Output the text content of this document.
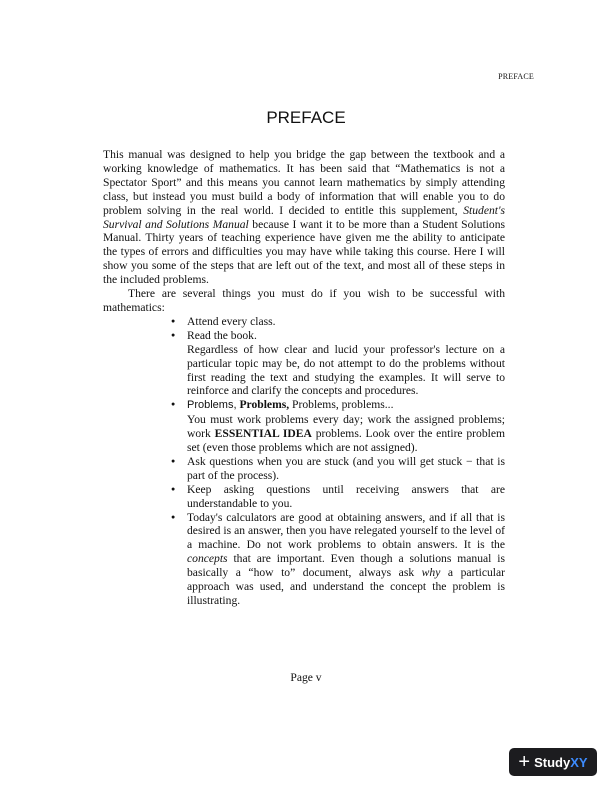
PREFACE
PREFACE

This manual was designed to help you bridge the gap between the textbook and a working knowledge of mathematics. It has been said that “Mathematics is not a Spectator Sport” and this means you cannot learn mathematics by simply attending class, but instead you must build a body of information that will enable you to do problem solving in the real world. I decided to entitle this supplement, Student's Survival and Solutions Manual because I want it to be more than a Student Solutions Manual. Thirty years of teaching experience have given me the ability to anticipate the types of errors and difficulties you may have while taking this course. Here I will show you some of the steps that are left out of the text, and most all of these steps in the included problems.

There are several things you must do if you wish to be successful with mathematics:

● Attend every class.
● Read the book.
Regardless of how clear and lucid your professor's lecture on a particular topic may be, do not attempt to do the problems without first reading the text and studying the examples. It will serve to reinforce and clarify the concepts and procedures.
● Problems, Problems, Problems, problems...
You must work problems every day; work the assigned problems; work ESSENTIAL IDEA problems. Look over the entire problem set (even those problems which are not assigned).
● Ask questions when you are stuck (and you will get stuck − that is part of the process).
● Keep asking questions until receiving answers that are understandable to you.
● Today's calculators are good at obtaining answers, and if all that is desired is an answer, then you have relegated yourself to the level of a machine. Do not work problems to obtain answers. It is the concepts that are important. Even though a solutions manual is basically a “how to” document, always ask why a particular approach was used, and understand the concept the problem is illustrating.
Page v
+ Study XY
